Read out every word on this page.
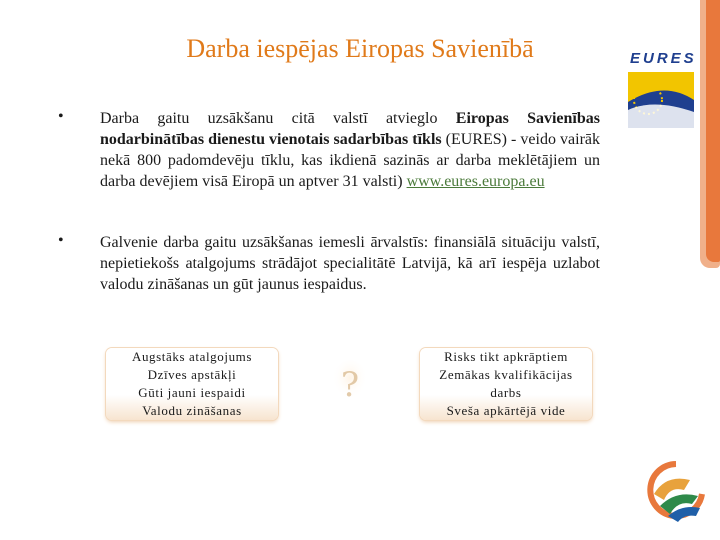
Darba iespējas Eiropas Savienībā	EURES
• Darba gaitu uzsākšanu citā valstī atvieglo Eiropas Savienības nodarbinātības dienestu vienotais sadarbības tīkls (EURES) - veido vairāk nekā 800 padomdevēju tīklu, kas ikdienā sazinās ar darba meklētājiem un darba devējiem visā Eiropā un aptver 31 valsti) www.eures.europa.eu
• Galvenie darba gaitu uzsākšanas iemesli ārvalstīs: finansiālā situāciju valstī, nepietiekošs atalgojums strādājot specialitātē Latvijā, kā arī iespēja uzlabot valodu zināšanas un gūt jaunus iespaidus.
Augstāks atalgojums
Dzīves apstākļi
Gūti jauni iespaidi
Valodu zināšanas
?
Risks tikt apkrāptiem
Zemākas kvalifikācijas
darbs
Sveša apkārtējā vide
